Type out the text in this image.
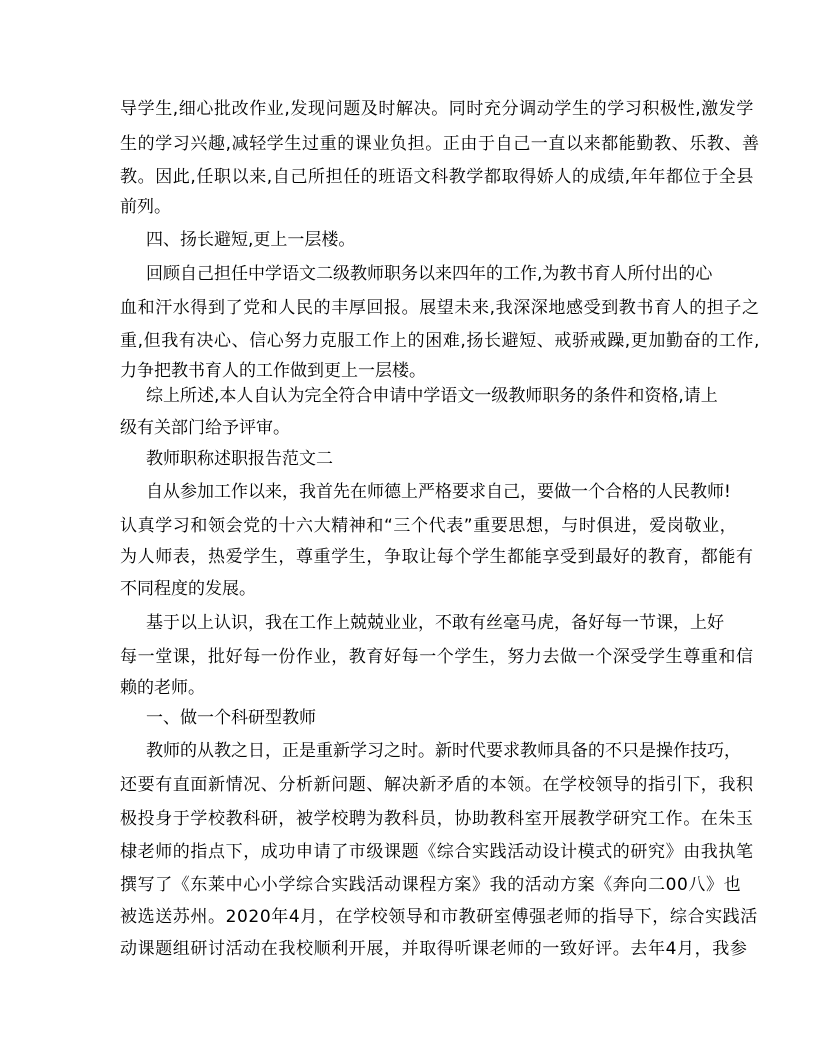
导学生,细心批改作业,发现问题及时解决。同时充分调动学生的学习积极性,激发学
生的学习兴趣,减轻学生过重的课业负担。正由于自己一直以来都能勤教、乐教、善
教。因此,任职以来,自己所担任的班语文科教学都取得娇人的成绩,年年都位于全县
前列。
四、扬长避短,更上一层楼。
回顾自己担任中学语文二级教师职务以来四年的工作,为教书育人所付出的心
血和汗水得到了党和人民的丰厚回报。展望未来,我深深地感受到教书育人的担子之
重,但我有决心、信心努力克服工作上的困难,扬长避短、戒骄戒躁,更加勤奋的工作,
力争把教书育人的工作做到更上一层楼。
综上所述,本人自认为完全符合申请中学语文一级教师职务的条件和资格,请上
级有关部门给予评审。
教师职称述职报告范文二
自从参加工作以来，我首先在师德上严格要求自己，要做一个合格的人民教师!
认真学习和领会党的十六大精神和“三个代表”重要思想，与时俱进，爱岗敬业，
为人师表，热爱学生，尊重学生，争取让每个学生都能享受到最好的教育，都能有
不同程度的发展。
基于以上认识，我在工作上兢兢业业，不敢有丝毫马虎，备好每一节课，上好
每一堂课，批好每一份作业，教育好每一个学生，努力去做一个深受学生尊重和信
赖的老师。
一、做一个科研型教师
教师的从教之日，正是重新学习之时。新时代要求教师具备的不只是操作技巧，
还要有直面新情况、分析新问题、解决新矛盾的本领。在学校领导的指引下，我积
极投身于学校教科研，被学校聘为教科员，协助教科室开展教学研究工作。在朱玉
棣老师的指点下，成功申请了市级课题《综合实践活动设计模式的研究》由我执笔
撰写了《东莱中心小学综合实践活动课程方案》我的活动方案《奔向二00八》也
被选送苏州。2020年4月，在学校领导和市教研室傅强老师的指导下，综合实践活
动课题组研讨活动在我校顺利开展，并取得听课老师的一致好评。去年4月，我参
